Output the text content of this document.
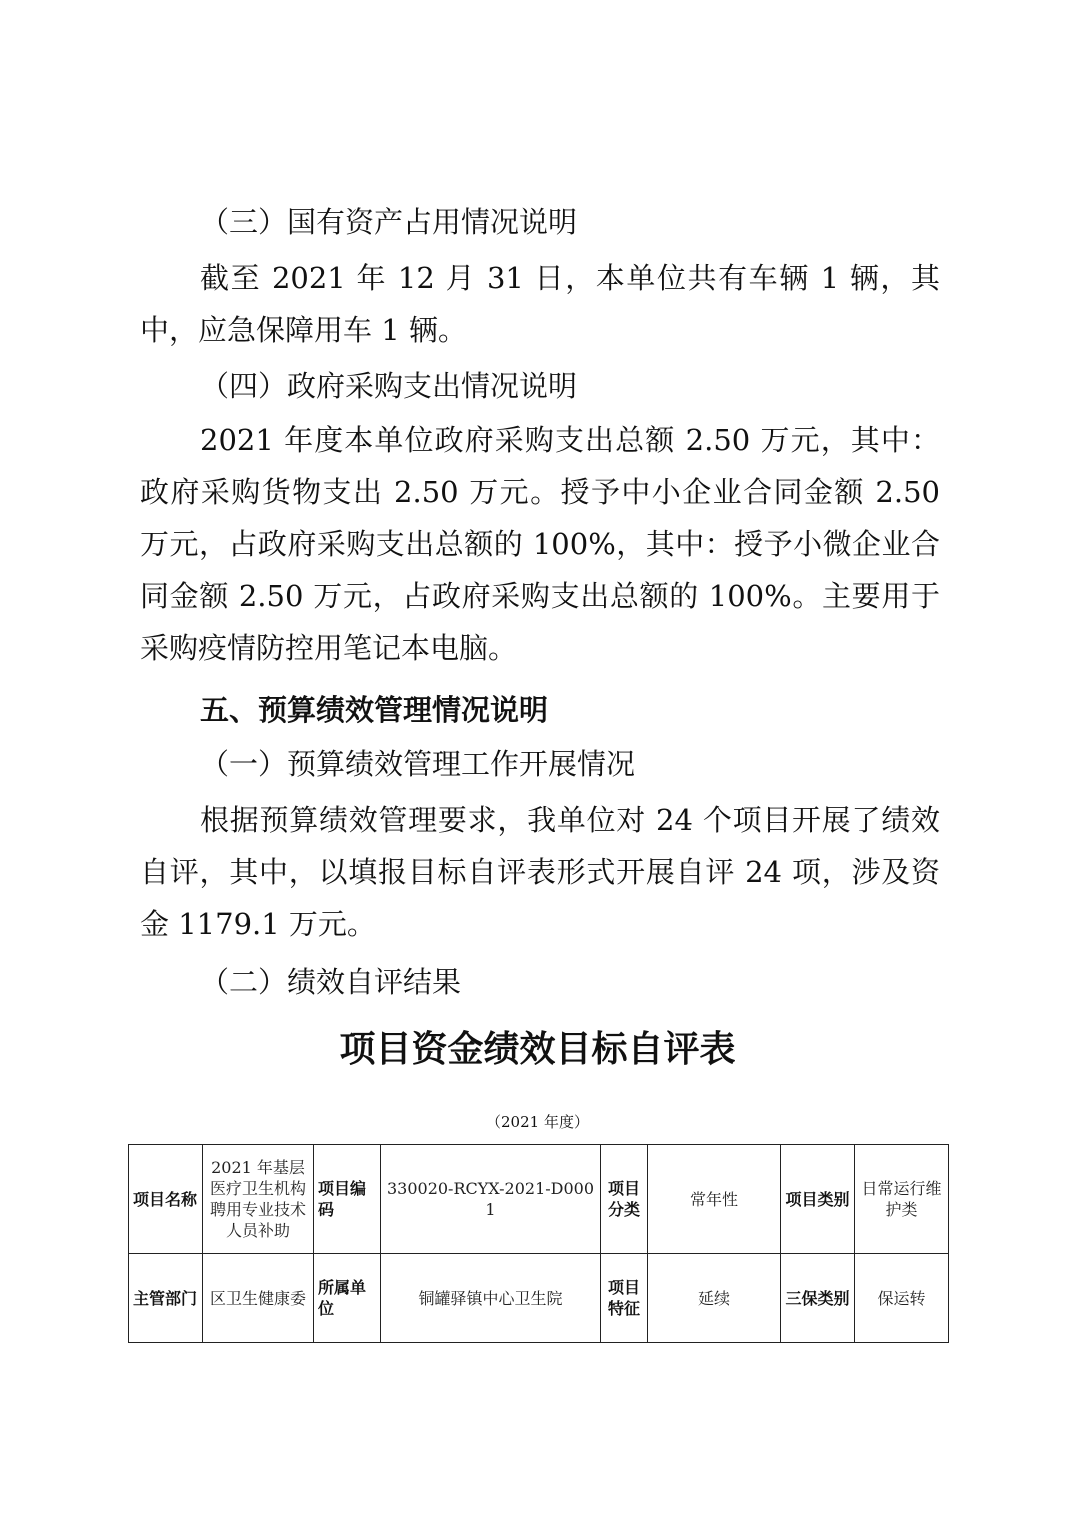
（三）国有资产占用情况说明
截至 2021 年 12 月 31 日，本单位共有车辆 1 辆，其中，应急保障用车 1 辆。
（四）政府采购支出情况说明
2021 年度本单位政府采购支出总额 2.50 万元，其中：政府采购货物支出 2.50 万元。授予中小企业合同金额 2.50 万元，占政府采购支出总额的 100%，其中：授予小微企业合同金额 2.50 万元，占政府采购支出总额的 100%。主要用于采购疫情防控用笔记本电脑。
五、预算绩效管理情况说明
（一）预算绩效管理工作开展情况
根据预算绩效管理要求，我单位对 24 个项目开展了绩效自评，其中，以填报目标自评表形式开展自评 24 项，涉及资金 1179.1 万元。
（二）绩效自评结果
项目资金绩效目标自评表
（2021 年度）
项目名称	2021 年基层医疗卫生机构聘用专业技术人员补助	项目编码	330020-RCYX-2021-D0001	项目分类	常年性	项目类别	日常运行维护类
主管部门	区卫生健康委	所属单位	铜罐驿镇中心卫生院	项目特征	延续	三保类别	保运转
